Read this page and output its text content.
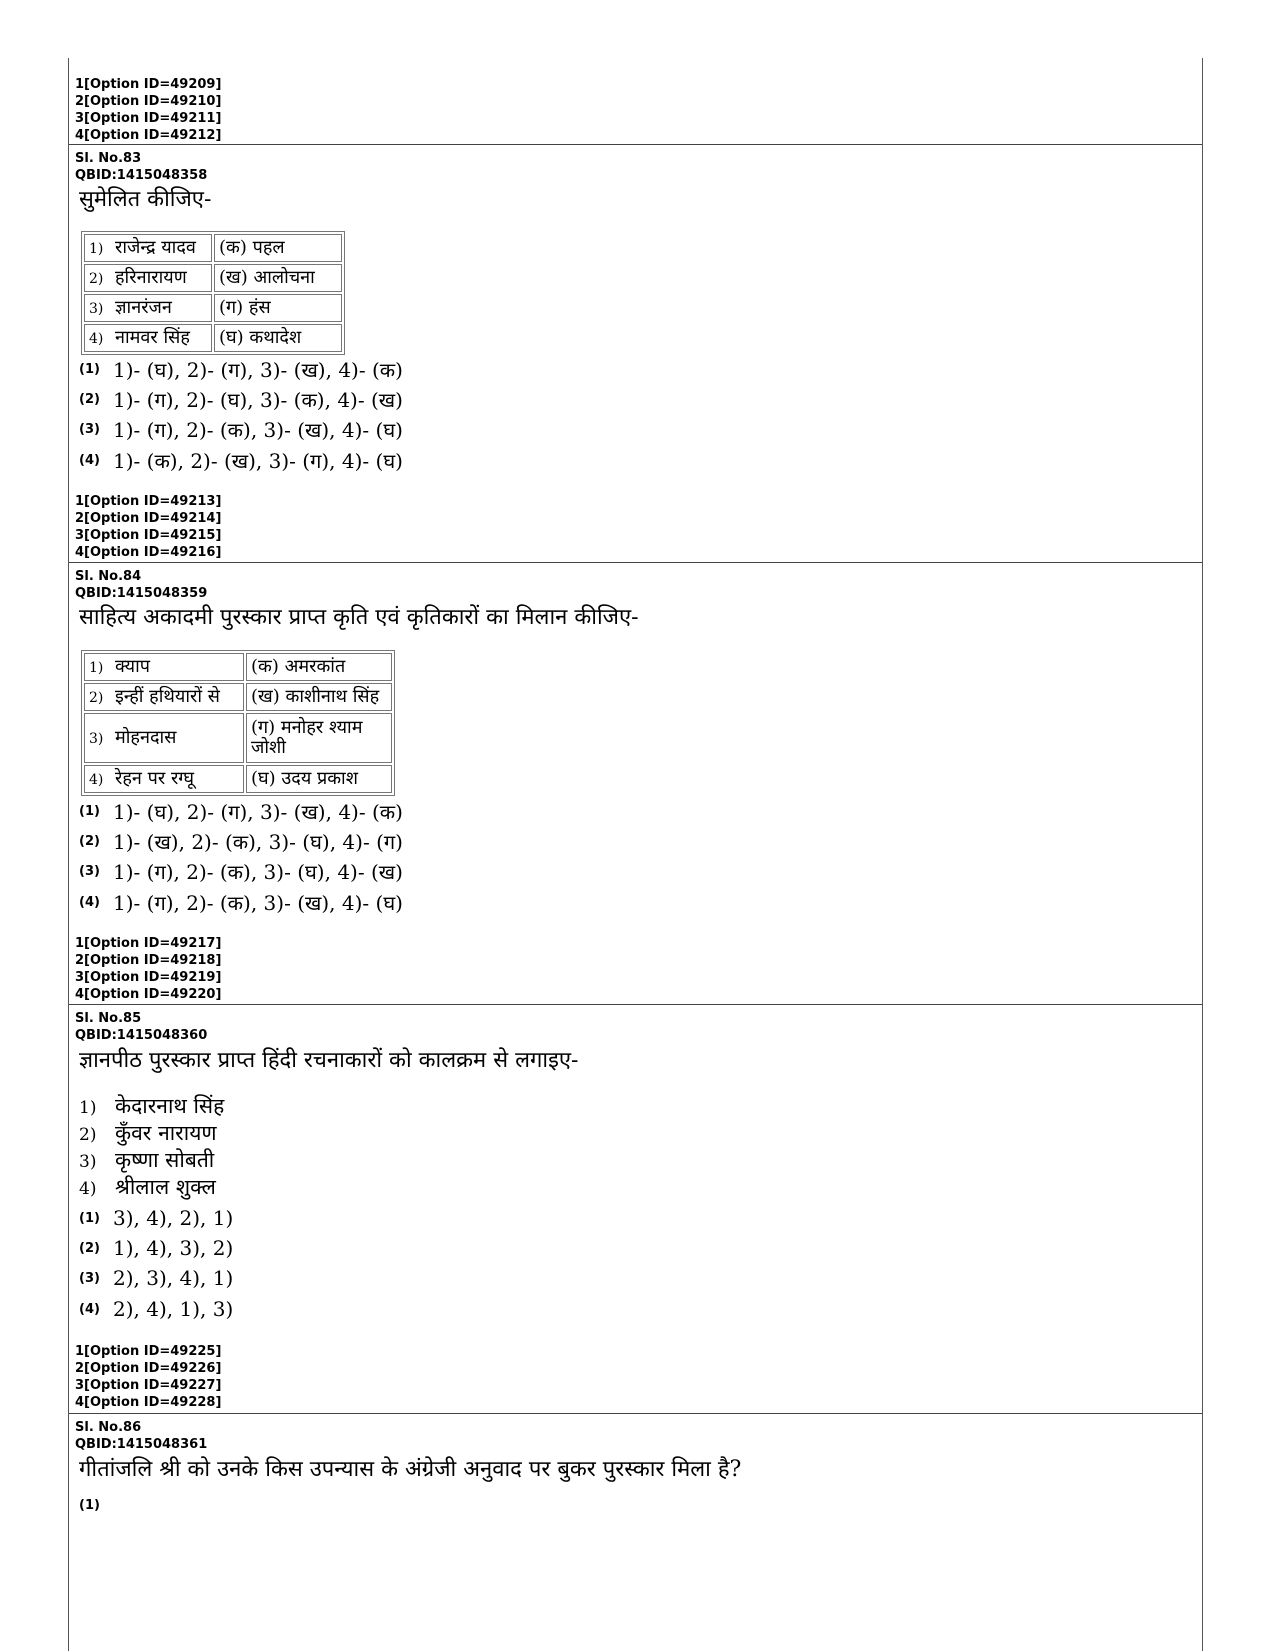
1[Option ID=49209]
2[Option ID=49210]
3[Option ID=49211]
4[Option ID=49212]
Sl. No.83
QBID:1415048358
सुमेलित कीजिए-
1) राजेन्द्र यादव	(क) पहल
2) हरिनारायण	(ख) आलोचना
3) ज्ञानरंजन	(ग) हंस
4) नामवर सिंह	(घ) कथादेश
(1) 1)- (घ), 2)- (ग), 3)- (ख), 4)- (क)
(2) 1)- (ग), 2)- (घ), 3)- (क), 4)- (ख)
(3) 1)- (ग), 2)- (क), 3)- (ख), 4)- (घ)
(4) 1)- (क), 2)- (ख), 3)- (ग), 4)- (घ)
1[Option ID=49213]
2[Option ID=49214]
3[Option ID=49215]
4[Option ID=49216]
Sl. No.84
QBID:1415048359
साहित्य अकादमी पुरस्कार प्राप्त कृति एवं कृतिकारों का मिलान कीजिए-
1) क्याप	(क) अमरकांत
2) इन्हीं हथियारों से	(ख) काशीनाथ सिंह
3) मोहनदास	(ग) मनोहर श्याम
जोशी

4) रेहन पर रग्घू	(घ) उदय प्रकाश
(1) 1)- (घ), 2)- (ग), 3)- (ख), 4)- (क)
(2) 1)- (ख), 2)- (क), 3)- (घ), 4)- (ग)
(3) 1)- (ग), 2)- (क), 3)- (घ), 4)- (ख)
(4) 1)- (ग), 2)- (क), 3)- (ख), 4)- (घ)
1[Option ID=49217]
2[Option ID=49218]
3[Option ID=49219]
4[Option ID=49220]
Sl. No.85
QBID:1415048360
ज्ञानपीठ पुरस्कार प्राप्त हिंदी रचनाकारों को कालक्रम से लगाइए-
1) केदारनाथ सिंह
2) कुँवर नारायण
3) कृष्णा सोबती
4) श्रीलाल शुक्ल
(1) 3), 4), 2), 1)
(2) 1), 4), 3), 2)
(3) 2), 3), 4), 1)
(4) 2), 4), 1), 3)
1[Option ID=49225]
2[Option ID=49226]
3[Option ID=49227]
4[Option ID=49228]
Sl. No.86
QBID:1415048361
गीतांजलि श्री को उनके किस उपन्यास के अंग्रेजी अनुवाद पर बुकर पुरस्कार मिला है?
(1)
